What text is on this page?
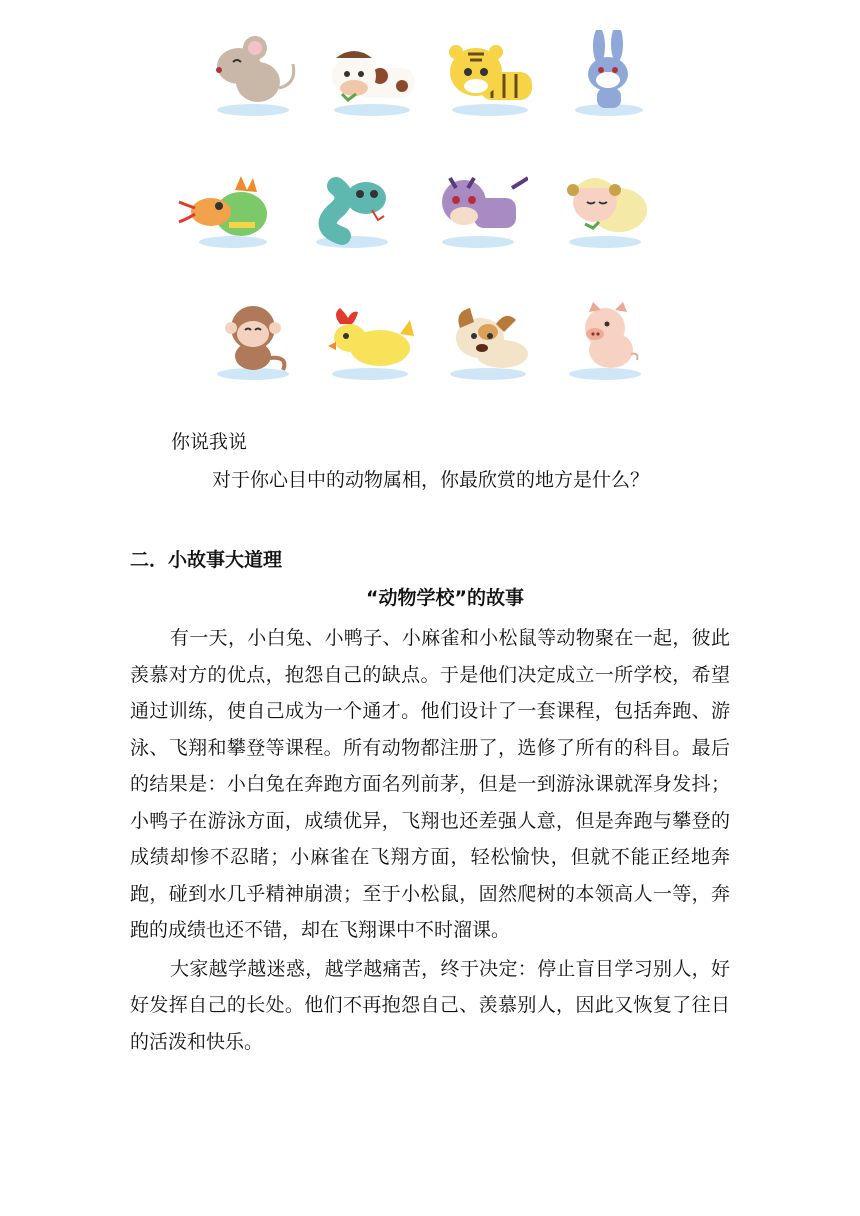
你说我说
对于你心目中的动物属相，你最欣赏的地方是什么？
二．小故事大道理
“动物学校”的故事

有一天，小白兔、小鸭子、小麻雀和小松鼠等动物聚在一起，彼此羡慕对方的优点，抱怨自己的缺点。于是他们决定成立一所学校，希望通过训练，使自己成为一个通才。他们设计了一套课程，包括奔跑、游泳、飞翔和攀登等课程。所有动物都注册了，选修了所有的科目。最后的结果是：小白兔在奔跑方面名列前茅，但是一到游泳课就浑身发抖；小鸭子在游泳方面，成绩优异，飞翔也还差强人意，但是奔跑与攀登的成绩却惨不忍睹；小麻雀在飞翔方面，轻松愉快，但就不能正经地奔跑，碰到水几乎精神崩溃；至于小松鼠，固然爬树的本领高人一等，奔跑的成绩也还不错，却在飞翔课中不时溜课。

大家越学越迷惑，越学越痛苦，终于决定：停止盲目学习别人，好好发挥自己的长处。他们不再抱怨自己、羡慕别人，因此又恢复了往日的活泼和快乐。
